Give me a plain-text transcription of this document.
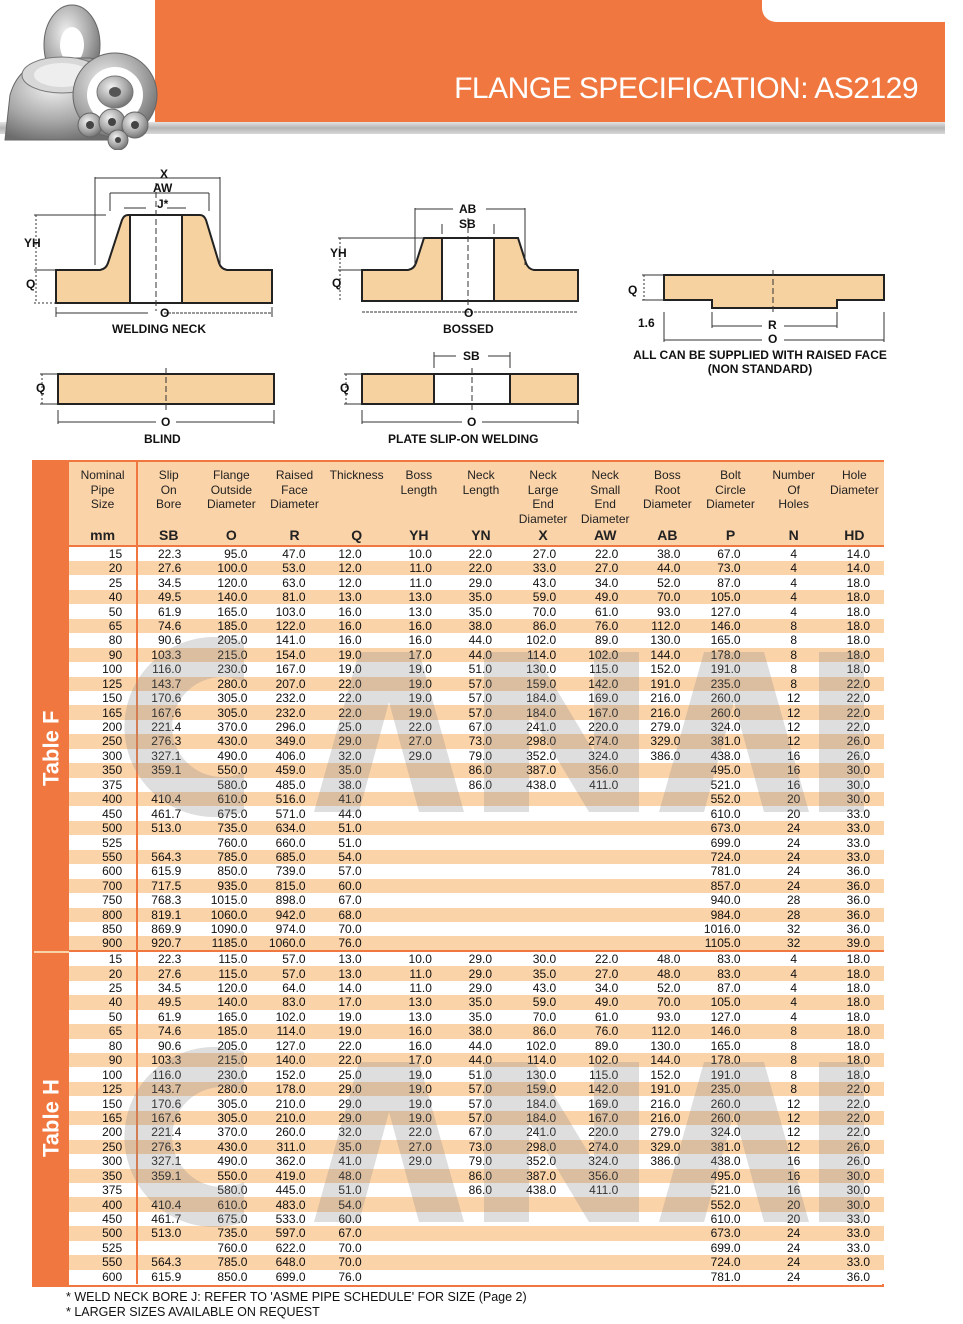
FLANGE SPECIFICATION: AS2129
X
AW
J*
YH
Q
O
WELDING NECK
AB
SB
YH
Q
O
BOSSED
Q
1.6	R
O
ALL CAN BE SUPPLIED WITH RAISED FACE
(NON STANDARD)
Q
O
BLIND
SB
Q
O
PLATE SLIP-ON WELDING
Table F
Table H
Nominal
Pipe
Size	Slip
On
Bore	Flange
Outside
Diameter	Raised
Face
Diameter	Thickness	Boss
Length	Neck
Length	Neck
Large
End
Diameter	Neck
Small
End
Diameter	Boss
Root
Diameter	Bolt
Circle
Diameter	Number
Of
Holes	Hole
Diameter
mm	SB	O	R	Q	YH	YN	X	AW	AB	P	N	HD
15	22.3	95.0	47.0	12.0	10.0	22.0	27.0	22.0	38.0	67.0	4	14.0
20	27.6	100.0	53.0	12.0	11.0	22.0	33.0	27.0	44.0	73.0	4	14.0
25	34.5	120.0	63.0	12.0	11.0	29.0	43.0	34.0	52.0	87.0	4	18.0
40	49.5	140.0	81.0	13.0	13.0	35.0	59.0	49.0	70.0	105.0	4	18.0
50	61.9	165.0	103.0	16.0	13.0	35.0	70.0	61.0	93.0	127.0	4	18.0
65	74.6	185.0	122.0	16.0	16.0	38.0	86.0	76.0	112.0	146.0	8	18.0
80	90.6	205.0	141.0	16.0	16.0	44.0	102.0	89.0	130.0	165.0	8	18.0
90	103.3	215.0	154.0	19.0	17.0	44.0	114.0	102.0	144.0	178.0	8	18.0
100	116.0	230.0	167.0	19.0	19.0	51.0	130.0	115.0	152.0	191.0	8	18.0
125	143.7	280.0	207.0	22.0	19.0	57.0	159.0	142.0	191.0	235.0	8	22.0
150	170.6	305.0	232.0	22.0	19.0	57.0	184.0	169.0	216.0	260.0	12	22.0
165	167.6	305.0	232.0	22.0	19.0	57.0	184.0	167.0	216.0	260.0	12	22.0
200	221.4	370.0	296.0	25.0	22.0	67.0	241.0	220.0	279.0	324.0	12	22.0
250	276.3	430.0	349.0	29.0	27.0	73.0	298.0	274.0	329.0	381.0	12	26.0
300	327.1	490.0	406.0	32.0	29.0	79.0	352.0	324.0	386.0	438.0	16	26.0
350	359.1	550.0	459.0	35.0		86.0	387.0	356.0		495.0	16	30.0
375		580.0	485.0	38.0		86.0	438.0	411.0		521.0	16	30.0
400	410.4	610.0	516.0	41.0						552.0	20	30.0
450	461.7	675.0	571.0	44.0						610.0	20	33.0
500	513.0	735.0	634.0	51.0						673.0	24	33.0
525		760.0	660.0	51.0						699.0	24	33.0
550	564.3	785.0	685.0	54.0						724.0	24	33.0
600	615.9	850.0	739.0	57.0						781.0	24	36.0
700	717.5	935.0	815.0	60.0						857.0	24	36.0
750	768.3	1015.0	898.0	67.0						940.0	28	36.0
800	819.1	1060.0	942.0	68.0						984.0	28	36.0
850	869.9	1090.0	974.0	70.0						1016.0	32	36.0
900	920.7	1185.0	1060.0	76.0						1105.0	32	39.0
15	22.3	115.0	57.0	13.0	10.0	29.0	30.0	22.0	48.0	83.0	4	18.0
20	27.6	115.0	57.0	13.0	11.0	29.0	35.0	27.0	48.0	83.0	4	18.0
25	34.5	120.0	64.0	14.0	11.0	29.0	43.0	34.0	52.0	87.0	4	18.0
40	49.5	140.0	83.0	17.0	13.0	35.0	59.0	49.0	70.0	105.0	4	18.0
50	61.9	165.0	102.0	19.0	13.0	35.0	70.0	61.0	93.0	127.0	4	18.0
65	74.6	185.0	114.0	19.0	16.0	38.0	86.0	76.0	112.0	146.0	8	18.0
80	90.6	205.0	127.0	22.0	16.0	44.0	102.0	89.0	130.0	165.0	8	18.0
90	103.3	215.0	140.0	22.0	17.0	44.0	114.0	102.0	144.0	178.0	8	18.0
100	116.0	230.0	152.0	25.0	19.0	51.0	130.0	115.0	152.0	191.0	8	18.0
125	143.7	280.0	178.0	29.0	19.0	57.0	159.0	142.0	191.0	235.0	8	22.0
150	170.6	305.0	210.0	29.0	19.0	57.0	184.0	169.0	216.0	260.0	12	22.0
165	167.6	305.0	210.0	29.0	19.0	57.0	184.0	167.0	216.0	260.0	12	22.0
200	221.4	370.0	260.0	32.0	22.0	67.0	241.0	220.0	279.0	324.0	12	22.0
250	276.3	430.0	311.0	35.0	27.0	73.0	298.0	274.0	329.0	381.0	12	26.0
300	327.1	490.0	362.0	41.0	29.0	79.0	352.0	324.0	386.0	438.0	16	26.0
350	359.1	550.0	419.0	48.0		86.0	387.0	356.0		495.0	16	30.0
375		580.0	445.0	51.0		86.0	438.0	411.0		521.0	16	30.0
400	410.4	610.0	483.0	54.0						552.0	20	30.0
450	461.7	675.0	533.0	60.0						610.0	20	33.0
500	513.0	735.0	597.0	67.0						673.0	24	33.0
525		760.0	622.0	70.0						699.0	24	33.0
550	564.3	785.0	648.0	70.0						724.0	24	33.0
600	615.9	850.0	699.0	76.0						781.0	24	36.0
* WELD NECK BORE J: REFER TO 'ASME PIPE SCHEDULE' FOR SIZE (Page 2)
* LARGER SIZES AVAILABLE ON REQUEST
